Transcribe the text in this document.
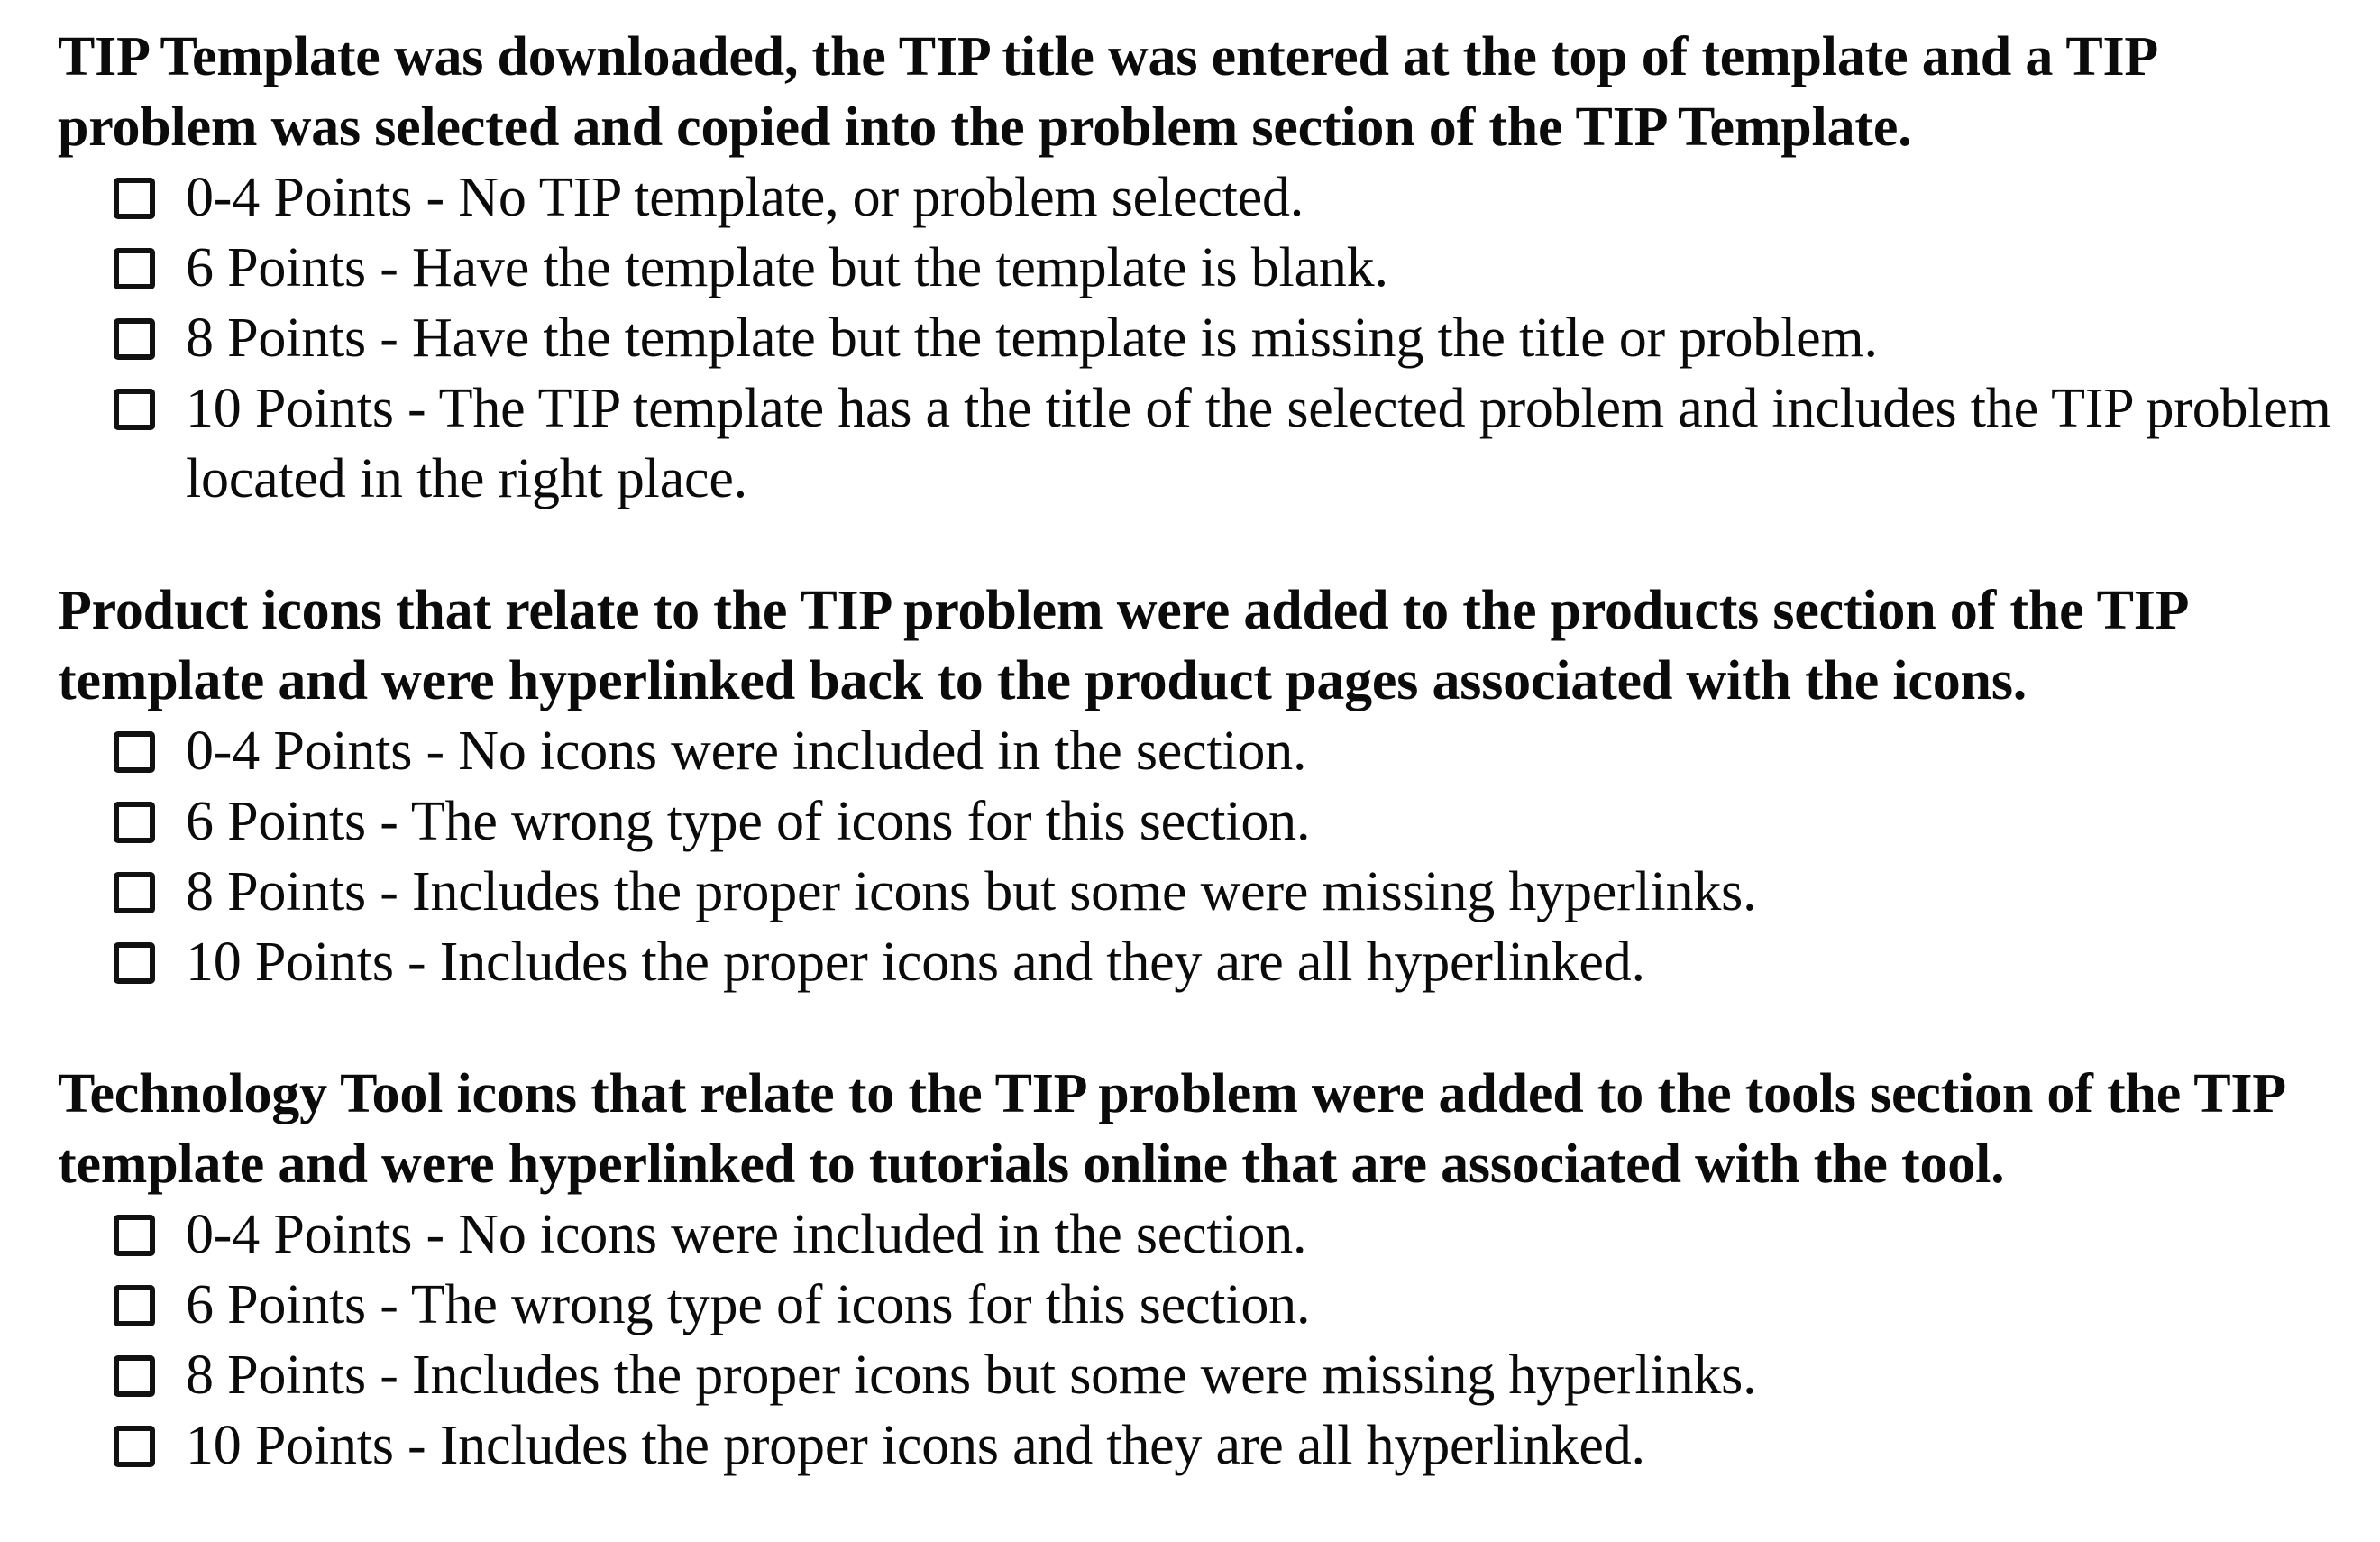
TIP Template was downloaded, the TIP title was entered at the top of template and a TIP problem was selected and copied into the problem section of the TIP Template.

0-4 Points - No TIP template, or problem selected.
6 Points - Have the template but the template is blank.
8 Points - Have the template but the template is missing the title or problem.
10 Points - The TIP template has a the title of the selected problem and includes the TIP problem located in the right place.

Product icons that relate to the TIP problem were added to the products section of the TIP template and were hyperlinked back to the product pages associated with the icons.

0-4 Points - No icons were included in the section.
6 Points - The wrong type of icons for this section.
8 Points - Includes the proper icons but some were missing hyperlinks.
10 Points - Includes the proper icons and they are all hyperlinked.

Technology Tool icons that relate to the TIP problem were added to the tools section of the TIP template and were hyperlinked to tutorials online that are associated with the tool.

0-4 Points - No icons were included in the section.
6 Points - The wrong type of icons for this section.
8 Points - Includes the proper icons but some were missing hyperlinks.
10 Points - Includes the proper icons and they are all hyperlinked.
